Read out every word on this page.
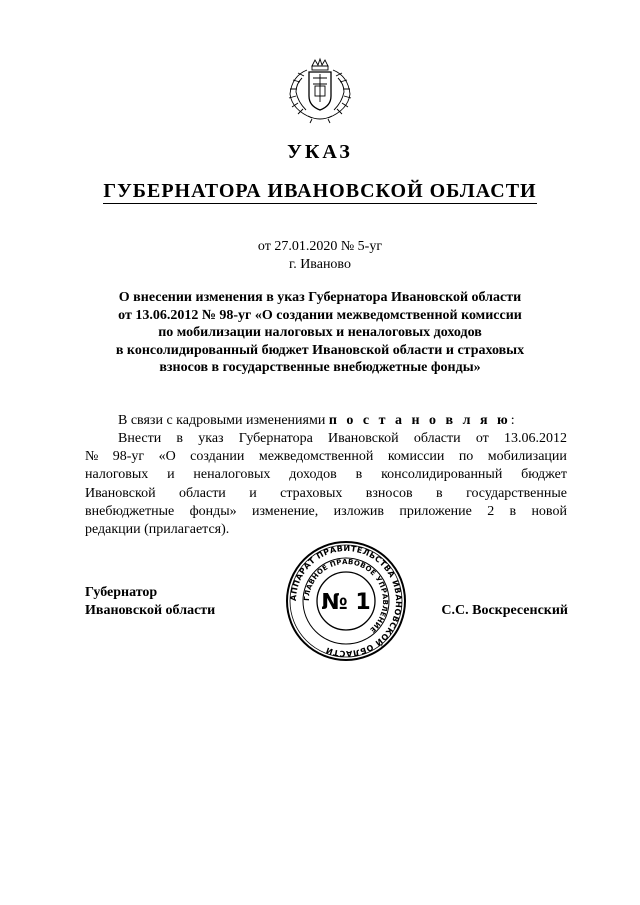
УКАЗ
ГУБЕРНАТОРА ИВАНОВСКОЙ ОБЛАСТИ
от 27.01.2020 № 5-уг
г. Иваново
О внесении изменения в указ Губернатора Ивановской области
от 13.06.2012 № 98-уг «О создании межведомственной комиссии
по мобилизации налоговых и неналоговых доходов
в консолидированный бюджет Ивановской области и страховых
взносов в государственные внебюджетные фонды»
В связи с кадровыми изменениями п о с т а н о в л я ю:
Внести в указ Губернатора Ивановской области от 13.06.2012
№ 98-уг «О создании межведомственной комиссии по мобилизации
налоговых и неналоговых доходов в консолидированный бюджет
Ивановской области и страховых взносов в государственные
внебюджетные фонды» изменение, изложив приложение 2 в новой
редакции (прилагается).
Губернатор
Ивановской области
АППАРАТ ПРАВИТЕЛЬСТВА ИВАНОВСКОЙ ОБЛАСТИ
ГЛАВНОЕ ПРАВОВОЕ УПРАВЛЕНИЕ
№ 1	С.С. Воскресенский
